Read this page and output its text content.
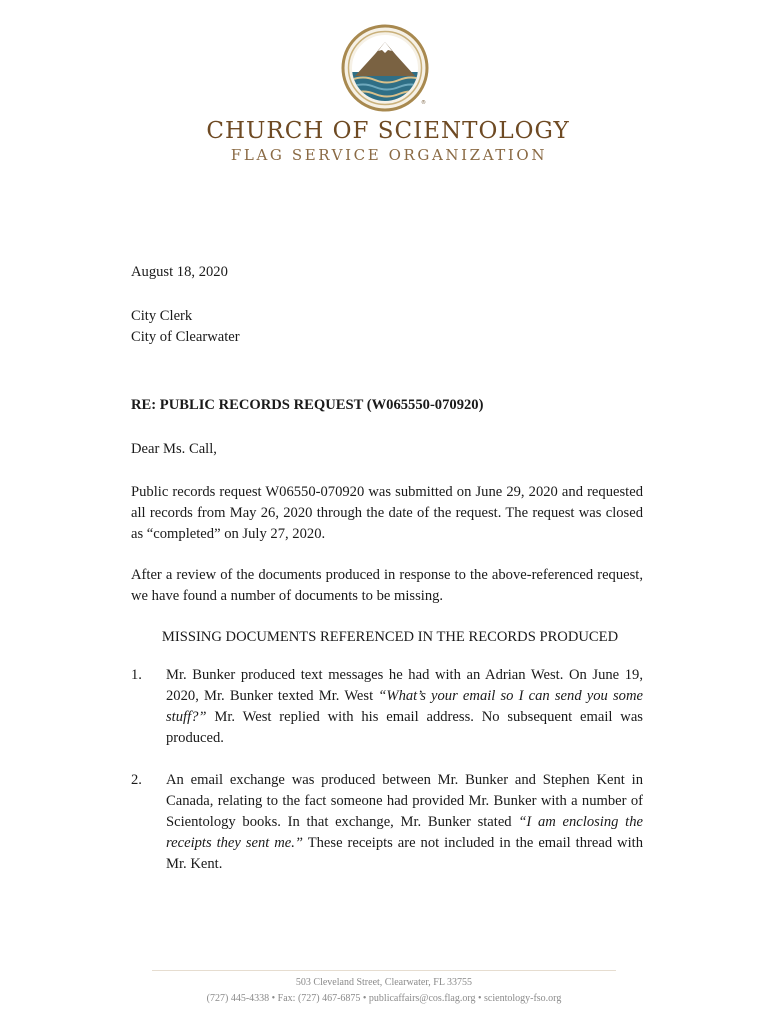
®
CHURCH OF SCIENTOLOGY
FLAG SERVICE ORGANIZATION
August 18, 2020
City Clerk
City of Clearwater
RE: PUBLIC RECORDS REQUEST (W065550-070920)
Dear Ms. Call,
Public records request W06550-070920 was submitted on June 29, 2020 and requested all records from May 26, 2020 through the date of the request. The request was closed as “completed” on July 27, 2020.
After a review of the documents produced in response to the above-referenced request, we have found a number of documents to be missing.
MISSING DOCUMENTS REFERENCED IN THE RECORDS PRODUCED
1. Mr. Bunker produced text messages he had with an Adrian West. On June 19, 2020, Mr. Bunker texted Mr. West “What’s your email so I can send you some stuff?” Mr. West replied with his email address. No subsequent email was produced.
2. An email exchange was produced between Mr. Bunker and Stephen Kent in Canada, relating to the fact someone had provided Mr. Bunker with a number of Scientology books. In that exchange, Mr. Bunker stated “I am enclosing the receipts they sent me.” These receipts are not included in the email thread with Mr. Kent.
503 Cleveland Street, Clearwater, FL 33755
(727) 445-4338 • Fax: (727) 467-6875 • publicaffairs@cos.flag.org • scientology-fso.org
